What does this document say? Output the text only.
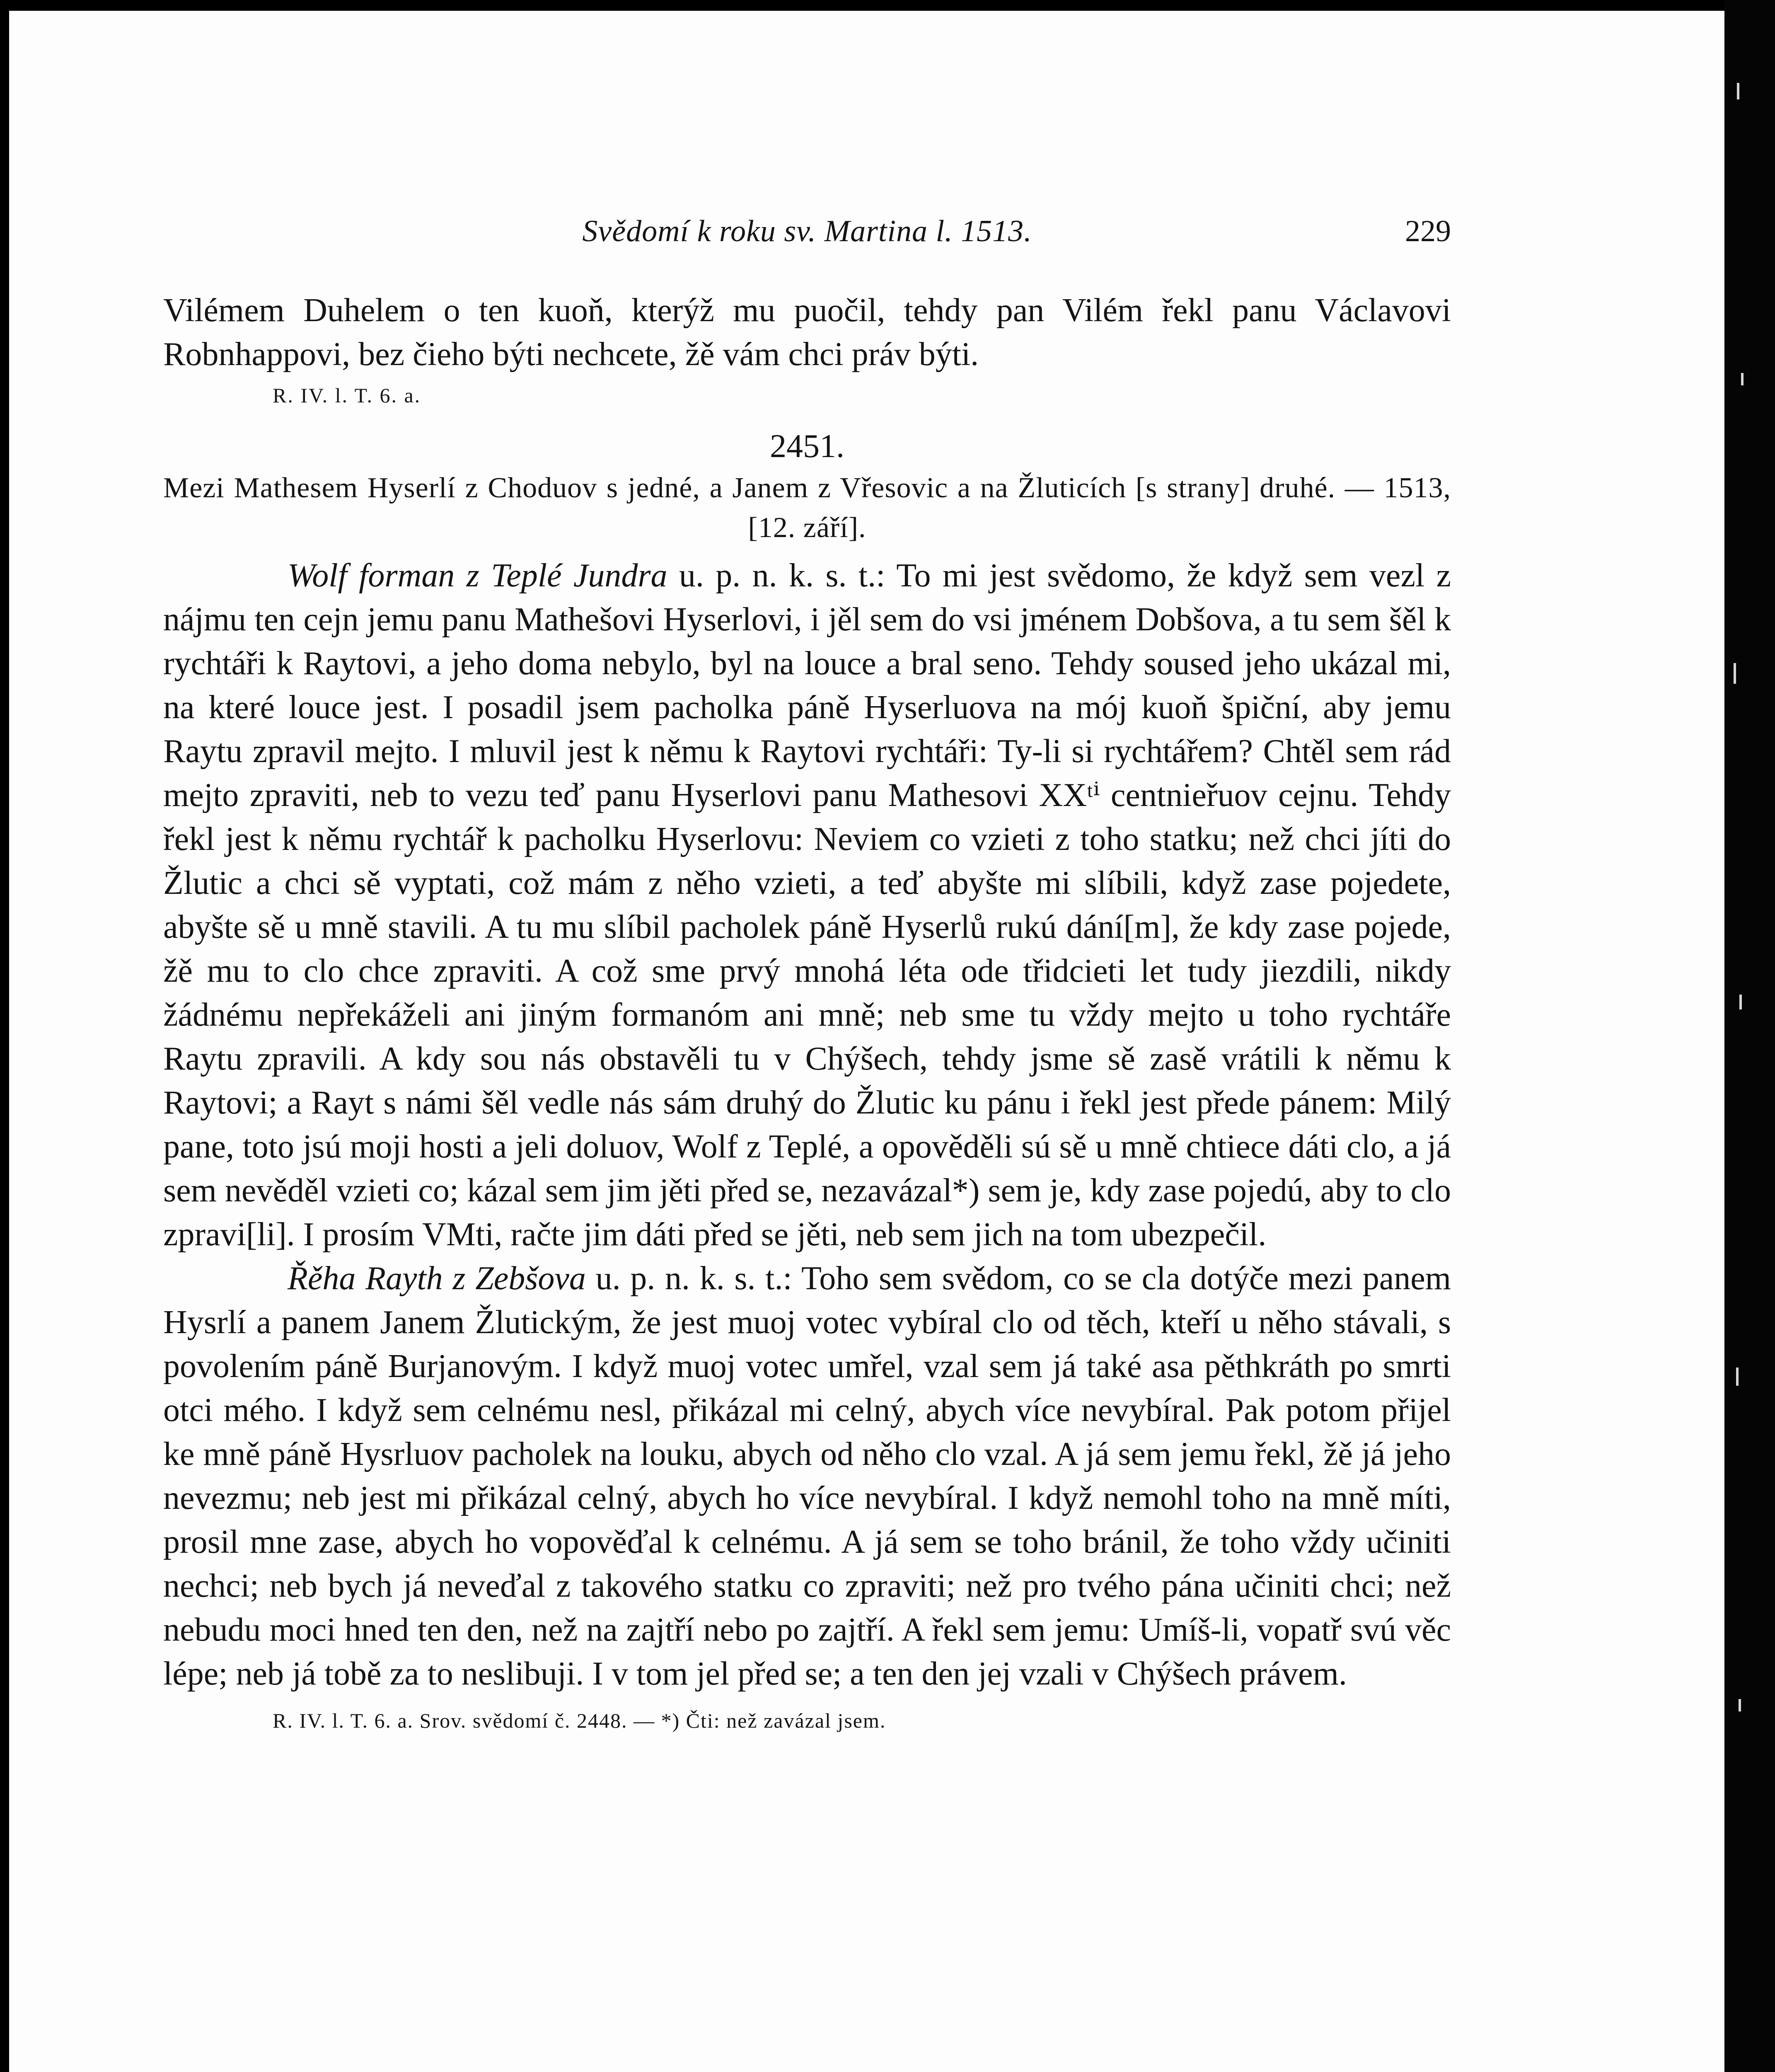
Svědomí k roku sv. Martina l. 1513.	229

Vilémem Duhelem o ten kuoň, kterýž mu puočil, tehdy pan Vilém řekl panu Václavovi Robnhappovi, bez čieho býti nechcete, žě vám chci práv býti.

R. IV. l. T. 6. a.
2451.

Mezi Mathesem Hyserlí z Choduov s jedné, a Janem z Vřesovic a na Žluticích [s strany] druhé. — 1513, [12. září].

Wolf forman z Teplé Jundra u. p. n. k. s. t.: To mi jest svědomo, že když sem vezl z nájmu ten cejn jemu panu Mathešovi Hyserlovi, i jěl sem do vsi jménem Dobšova, a tu sem šěl k rychtáři k Raytovi, a jeho doma nebylo, byl na louce a bral seno. Tehdy soused jeho ukázal mi, na které louce jest. I posadil jsem pacholka páně Hyserluova na mój kuoň špiční, aby jemu Raytu zpravil mejto. I mluvil jest k němu k Raytovi rychtáři: Ty-li si rychtářem? Chtěl sem rád mejto zpraviti, neb to vezu teď panu Hyserlovi panu Mathesovi XXᵗⁱ centnieřuov cejnu. Tehdy řekl jest k němu rychtář k pacholku Hyserlovu: Neviem co vzieti z toho statku; než chci jíti do Žlutic a chci sě vyptati, což mám z něho vzieti, a teď abyšte mi slíbili, když zase pojedete, abyšte sě u mně stavili. A tu mu slíbil pacholek páně Hyserlů rukú dání[m], že kdy zase pojede, žě mu to clo chce zpraviti. A což sme prvý mnohá léta ode třidcieti let tudy jiezdili, nikdy žádnému nepřekáželi ani jiným formanóm ani mně; neb sme tu vždy mejto u toho rychtáře Raytu zpravili. A kdy sou nás obstavěli tu v Chýšech, tehdy jsme sě zasě vrátili k němu k Raytovi; a Rayt s námi šěl vedle nás sám druhý do Žlutic ku pánu i řekl jest přede pánem: Milý pane, toto jsú moji hosti a jeli doluov, Wolf z Teplé, a opověděli sú sě u mně chtiece dáti clo, a já sem nevěděl vzieti co; kázal sem jim jěti před se, nezavázal*) sem je, kdy zase pojedú, aby to clo zpravi[li]. I prosím VMti, račte jim dáti před se jěti, neb sem jich na tom ubezpečil.

Řěha Rayth z Zebšova u. p. n. k. s. t.: Toho sem svědom, co se cla dotýče mezi panem Hysrlí a panem Janem Žlutickým, že jest muoj votec vybíral clo od těch, kteří u něho stávali, s povolením páně Burjanovým. I když muoj votec umřel, vzal sem já také asa pěthkráth po smrti otci mého. I když sem celnému nesl, přikázal mi celný, abych více nevybíral. Pak potom přijel ke mně páně Hysrluov pacholek na louku, abych od něho clo vzal. A já sem jemu řekl, žě já jeho nevezmu; neb jest mi přikázal celný, abych ho více nevybíral. I když nemohl toho na mně míti, prosil mne zase, abych ho vopověďal k celnému. A já sem se toho bránil, že toho vždy učiniti nechci; neb bych já neveďal z takového statku co zpraviti; než pro tvého pána učiniti chci; než nebudu moci hned ten den, než na zajtří nebo po zajtří. A řekl sem jemu: Umíš-li, vopatř svú věc lépe; neb já tobě za to neslibuji. I v tom jel před se; a ten den jej vzali v Chýšech právem.

R. IV. l. T. 6. a. Srov. svědomí č. 2448. — *) Čti: než zavázal jsem.
